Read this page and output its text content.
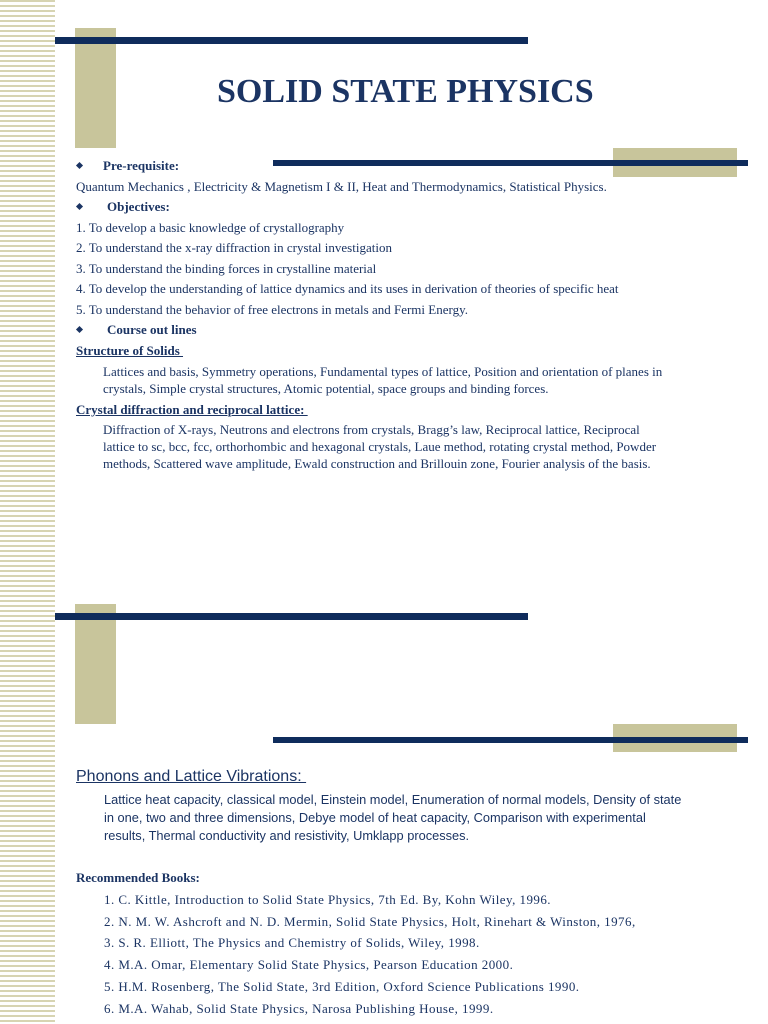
SOLID STATE PHYSICS
Pre-requisite:
Quantum Mechanics , Electricity & Magnetism I & II, Heat and Thermodynamics, Statistical Physics.
Objectives:
1. To develop a basic knowledge of crystallography
2. To understand the x-ray diffraction in crystal investigation
3. To understand the binding forces in crystalline material
4. To develop the understanding of lattice dynamics and its uses in derivation of theories of specific heat
5. To understand the behavior of free electrons in metals and Fermi Energy.
Course out lines
Structure of Solids
Lattices and basis, Symmetry operations, Fundamental types of lattice, Position and orientation of planes in
crystals, Simple crystal structures, Atomic potential, space groups and binding forces.
Crystal diffraction and reciprocal lattice:
Diffraction of X-rays, Neutrons and electrons from crystals, Bragg’s law, Reciprocal lattice, Reciprocal
lattice to sc, bcc, fcc, orthorhombic and hexagonal crystals, Laue method, rotating crystal method, Powder
methods, Scattered wave amplitude, Ewald construction and Brillouin zone, Fourier analysis of the basis.
Phonons and Lattice Vibrations:
Lattice heat capacity, classical model, Einstein model, Enumeration of normal models, Density of state
in one, two and three dimensions, Debye model of heat capacity, Comparison with experimental
results, Thermal conductivity and resistivity, Umklapp processes.
Recommended Books:
1. C. Kittle, Introduction to Solid State Physics, 7th Ed. By, Kohn Wiley, 1996.
2. N. M. W. Ashcroft and N. D. Mermin, Solid State Physics, Holt, Rinehart & Winston, 1976,
3. S. R. Elliott, The Physics and Chemistry of Solids, Wiley, 1998.
4. M.A. Omar, Elementary Solid State Physics, Pearson Education 2000.
5. H.M. Rosenberg, The Solid State, 3rd Edition, Oxford Science Publications 1990.
6. M.A. Wahab, Solid State Physics, Narosa Publishing House, 1999.
